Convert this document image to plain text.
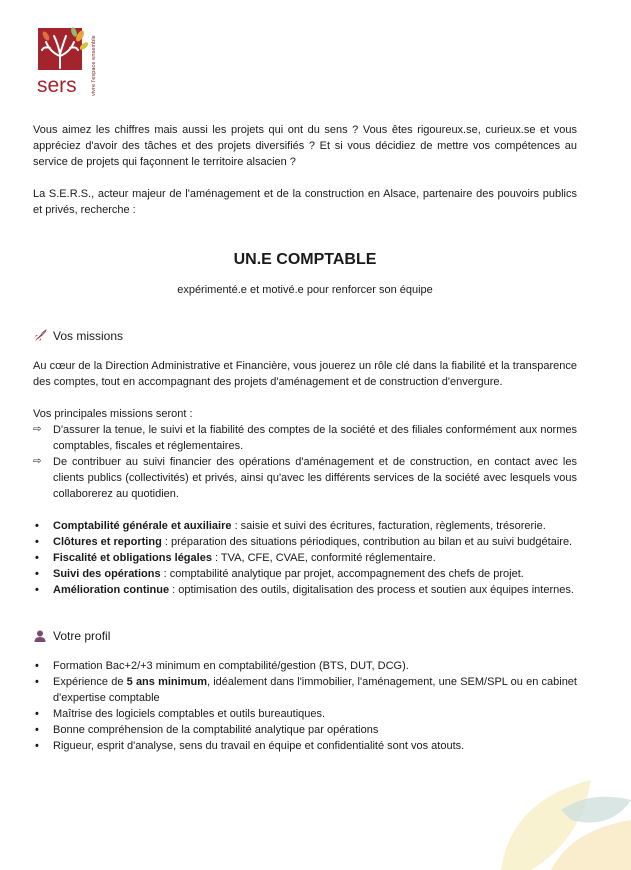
sers	vivre l'espace ensemble

Vous aimez les chiffres mais aussi les projets qui ont du sens ? Vous êtes rigoureux.se, curieux.se et vous appréciez d'avoir des tâches et des projets diversifiés ? Et si vous décidiez de mettre vos compétences au service de projets qui façonnent le territoire alsacien ?

La S.E.R.S., acteur majeur de l'aménagement et de la construction en Alsace, partenaire des pouvoirs publics et privés, recherche :

UN.E COMPTABLE
expérimenté.e et motivé.e pour renforcer son équipe
Vos missions

Au cœur de la Direction Administrative et Financière, vous jouerez un rôle clé dans la fiabilité et la transparence des comptes, tout en accompagnant des projets d'aménagement et de construction d'envergure.

Vos principales missions seront :

⇨ D'assurer la tenue, le suivi et la fiabilité des comptes de la société et des filiales conformément aux normes comptables, fiscales et réglementaires.
⇨ De contribuer au suivi financier des opérations d'aménagement et de construction, en contact avec les clients publics (collectivités) et privés, ainsi qu'avec les différents services de la société avec lesquels vous collaborerez au quotidien.
• Comptabilité générale et auxiliaire : saisie et suivi des écritures, facturation, règlements, trésorerie.
• Clôtures et reporting : préparation des situations périodiques, contribution au bilan et au suivi budgétaire.
• Fiscalité et obligations légales : TVA, CFE, CVAE, conformité réglementaire.
• Suivi des opérations : comptabilité analytique par projet, accompagnement des chefs de projet.
• Amélioration continue : optimisation des outils, digitalisation des process et soutien aux équipes internes.
Votre profil
• Formation Bac+2/+3 minimum en comptabilité/gestion (BTS, DUT, DCG).
• Expérience de 5 ans minimum, idéalement dans l'immobilier, l'aménagement, une SEM/SPL ou en cabinet d'expertise comptable
• Maîtrise des logiciels comptables et outils bureautiques.
• Bonne compréhension de la comptabilité analytique par opérations
• Rigueur, esprit d'analyse, sens du travail en équipe et confidentialité sont vos atouts.
